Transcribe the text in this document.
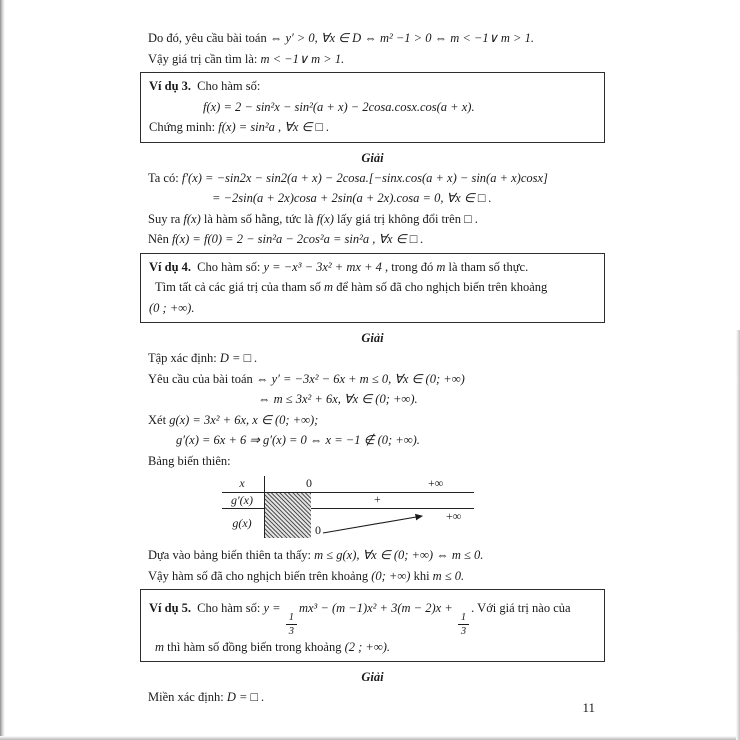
Do đó, yêu cầu bài toán ⇔ y′ > 0, ∀x ∈ D ⇔ m² −1 > 0 ⇔ m < −1∨ m > 1.

Vậy giá trị cần tìm là: m < −1∨ m > 1.

Ví dụ 3. Cho hàm số:

f(x) = 2 − sin²x − sin²(a + x) − 2cosa.cosx.cos(a + x).

Chứng minh: f(x) = sin²a , ∀x ∈ □ .

Giải

Ta có: f′(x) = −sin2x − sin2(a + x) − 2cosa.[−sinx.cos(a + x) − sin(a + x)cosx]

= −2sin(a + 2x)cosa + 2sin(a + 2x).cosa = 0, ∀x ∈ □ .

Suy ra f(x) là hàm số hằng, tức là f(x) lấy giá trị không đổi trên □ .

Nên f(x) = f(0) = 2 − sin²a − 2cos²a = sin²a , ∀x ∈ □ .

Ví dụ 4. Cho hàm số: y = −x³ − 3x² + mx + 4 , trong đó m là tham số thực.

Tìm tất cả các giá trị của tham số m để hàm số đã cho nghịch biến trên khoảng

(0 ; +∞).

Giải

Tập xác định: D = □ .

Yêu cầu của bài toán ⇔ y′ = −3x² − 6x + m ≤ 0, ∀x ∈ (0; +∞)

⇔ m ≤ 3x² + 6x, ∀x ∈ (0; +∞).

Xét g(x) = 3x² + 6x, x ∈ (0; +∞);

g′(x) = 6x + 6 ⇒ g′(x) = 0 ⇔ x = −1 ∉ (0; +∞).

Bảng biến thiên:

x
g′(x)
g(x)
0	+∞
+
0
+∞

Dựa vào bảng biến thiên ta thấy: m ≤ g(x), ∀x ∈ (0; +∞) ⇔ m ≤ 0.

Vậy hàm số đã cho nghịch biến trên khoảng (0; +∞) khi m ≤ 0.

Ví dụ 5. Cho hàm số: y =
$\frac{1}{3}$
mx³ − (m −1)x² + 3(m − 2)x +
$\frac{1}{3}$
. Với giá trị nào của

m thì hàm số đồng biến trong khoảng (2 ; +∞).

Giải

Miền xác định: D = □ .

11
